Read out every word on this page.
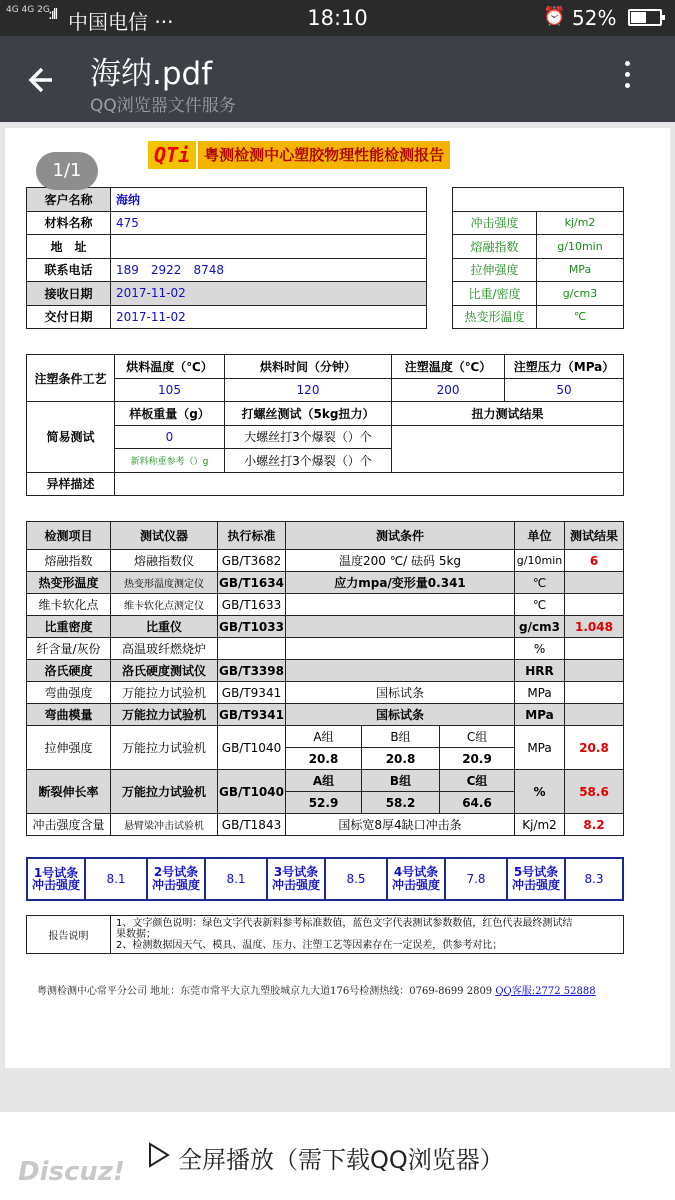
4G 4G 2G
:ıll 中国电信 ···	18:10	⏰ 52%
海纳.pdf
QQ浏览器文件服务
1/1
QTi 粤测检测中心塑胶物理性能检测报告
客户名称	海纳
材料名称	475
地　址	
联系电话	189　2922　8748
接收日期	2017-11-02
交付日期	2017-11-02

冲击强度	kj/m2
熔融指数	g/10min
拉伸强度	MPa
比重/密度	g/cm3
热变形温度	℃
注塑条件工艺	烘料温度（℃）	烘料时间（分钟）	注塑温度（℃）	注塑压力（MPa）
	105	120	200	50
简易测试	样板重量（g）	打螺丝测试（5kg扭力）	扭力测试结果
	0	大螺丝打3个爆裂（）个	
	新料称重参考（）g	小螺丝打3个爆裂（）个	
异样描述			
检测项目	测试仪器	执行标准	测试条件			单位	测试结果
熔融指数	熔融指数仪	GB/T3682	温度200 ℃/ 砝码 5kg			g/10min	6
热变形温度	热变形温度测定仪	GB/T1634	应力mpa/变形量0.341			℃	
维卡软化点	维卡软化点测定仪	GB/T1633				℃	
比重密度	比重仪	GB/T1033				g/cm3	1.048
纤含量/灰份	高温玻纤燃烧炉					%	
洛氏硬度	洛氏硬度测试仪	GB/T3398				HRR	
弯曲强度	万能拉力试验机	GB/T9341	国标试条			MPa	
弯曲模量	万能拉力试验机	GB/T9341	国标试条			MPa	
拉伸强度	万能拉力试验机	GB/T1040	A组	B组	C组	MPa	20.8
			20.8	20.8	20.9		
断裂伸长率	万能拉力试验机	GB/T1040	A组	B组	C组	%	58.6
			52.9	58.2	64.6		
冲击强度含量	悬臂梁冲击试验机	GB/T1843	国标宽8厚4缺口冲击条			Kj/m2	8.2
1号试条冲击强度	8.1	2号试条冲击强度	8.1	3号试条冲击强度	8.5	4号试条冲击强度	7.8	5号试条冲击强度	8.3
报告说明	1、文字颜色说明：绿色文字代表新料参考标准数值，蓝色文字代表测试参数数值，红色代表最终测试结
果数据；
2、检测数据因天气、模具、温度、压力、注塑工艺等因素存在一定误差，供参考对比；
粤测检测中心常平分公司 地址：东莞市常平大京九塑胶城京九大道176号检测热线：0769-8699 2809 QQ客服:2772 52888
全屏播放（需下载QQ浏览器）
Discuz!
